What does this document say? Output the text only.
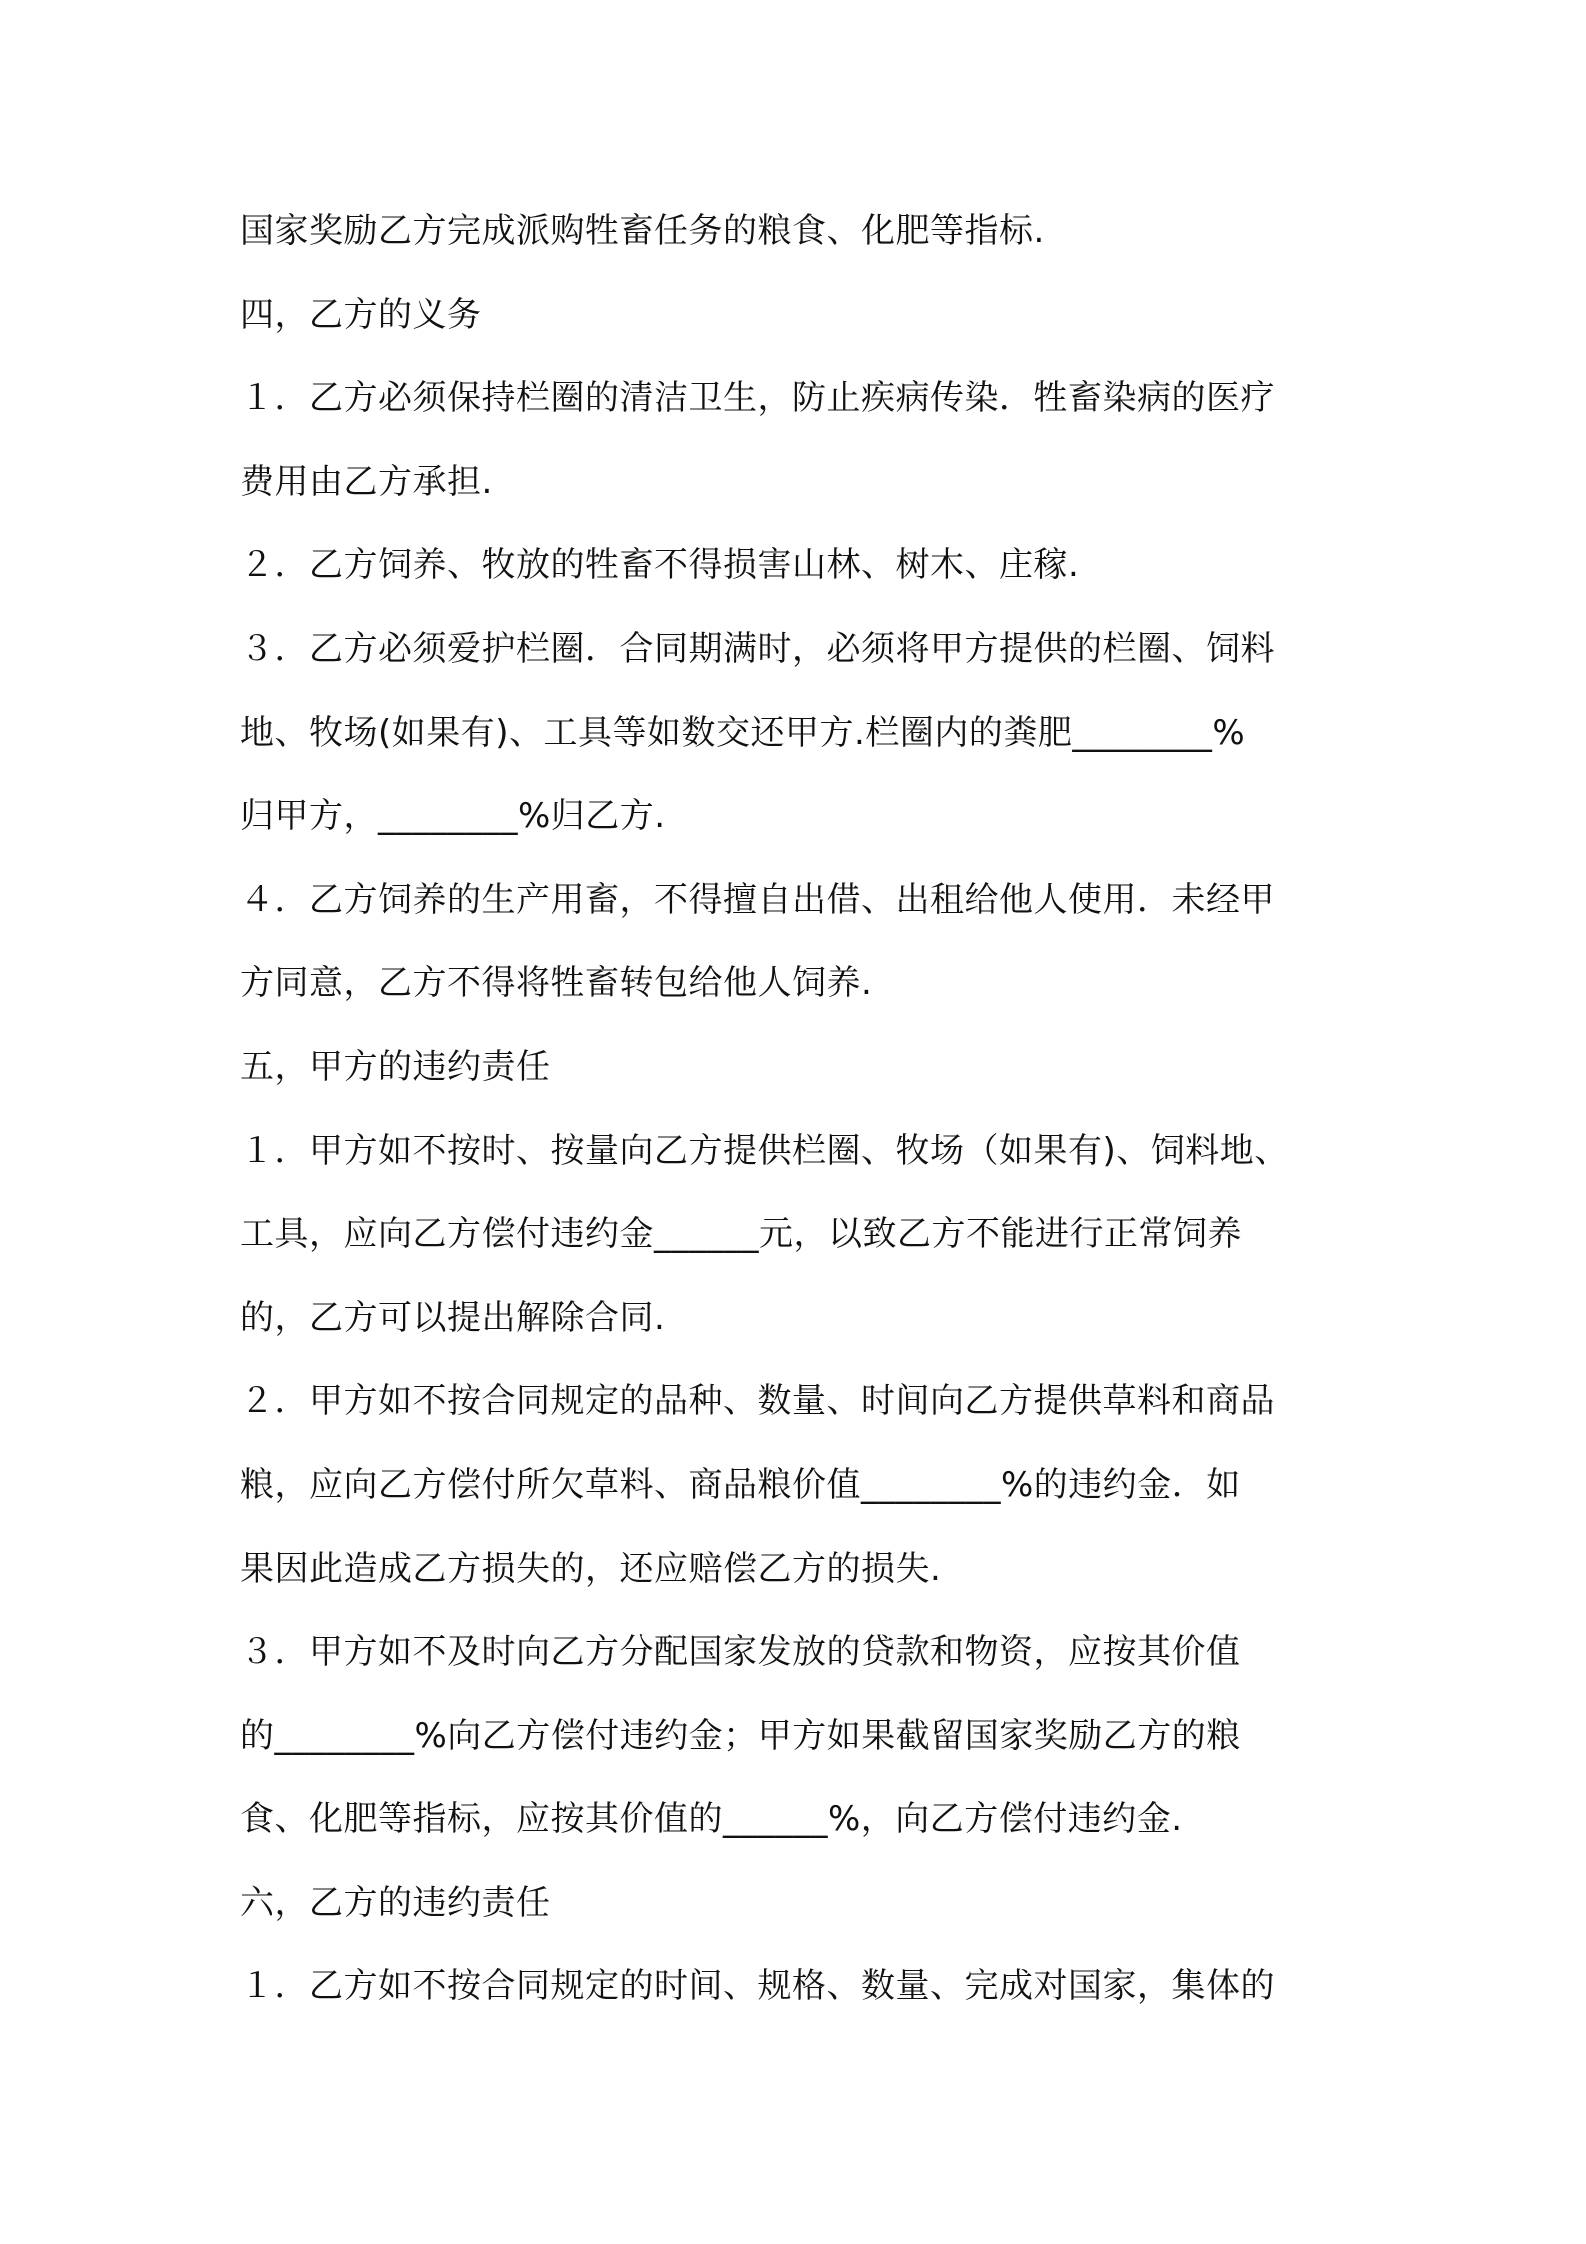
国家奖励乙方完成派购牲畜任务的粮食、化肥等指标.
四，乙方的义务
１．乙方必须保持栏圈的清洁卫生，防止疾病传染．牲畜染病的医疗
费用由乙方承担.
２．乙方饲养、牧放的牲畜不得损害山林、树木、庄稼.
３．乙方必须爱护栏圈．合同期满时，必须将甲方提供的栏圈、饲料
地、牧场(如果有)、工具等如数交还甲方.栏圈内的粪肥________%
归甲方，________%归乙方.
４．乙方饲养的生产用畜，不得擅自出借、出租给他人使用．未经甲
方同意，乙方不得将牲畜转包给他人饲养.
五，甲方的违约责任
１．甲方如不按时、按量向乙方提供栏圈、牧场（如果有)、饲料地、
工具，应向乙方偿付违约金______元，以致乙方不能进行正常饲养
的，乙方可以提出解除合同.
２．甲方如不按合同规定的品种、数量、时间向乙方提供草料和商品
粮，应向乙方偿付所欠草料、商品粮价值________%的违约金．如
果因此造成乙方损失的，还应赔偿乙方的损失.
３．甲方如不及时向乙方分配国家发放的贷款和物资，应按其价值
的________%向乙方偿付违约金；甲方如果截留国家奖励乙方的粮
食、化肥等指标，应按其价值的______%，向乙方偿付违约金.
六，乙方的违约责任
１．乙方如不按合同规定的时间、规格、数量、完成对国家，集体的
